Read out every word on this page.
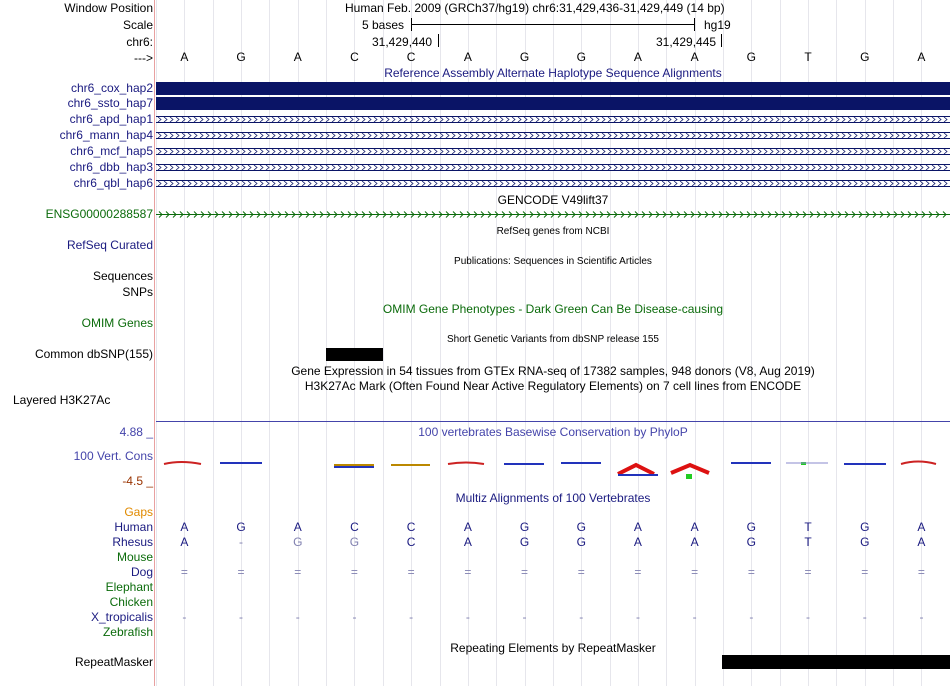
Window Position	Human Feb. 2009 (GRCh37/hg19) chr6:31,429,436-31,429,449 (14 bp)
Scale	5 bases	hg19
chr6:	31,429,440	31,429,445
--->	A	G	A	C	C	A	G	G	A	A	G	T	G	A
Reference Assembly Alternate Haplotype Sequence Alignments
chr6_cox_hap2
chr6_ssto_hap7
chr6_apd_hap1
chr6_mann_hap4
chr6_mcf_hap5
chr6_dbb_hap3
chr6_qbl_hap6
GENCODE V49lift37
ENSG00000288587
RefSeq Curated
RefSeq genes from NCBI
Publications: Sequences in Scientific Articles
Sequences
SNPs
OMIM Gene Phenotypes - Dark Green Can Be Disease-causing
OMIM Genes
Short Genetic Variants from dbSNP release 155
Common dbSNP(155)
Gene Expression in 54 tissues from GTEx RNA-seq of 17382 samples, 948 donors (V8, Aug 2019)
H3K27Ac Mark (Often Found Near Active Regulatory Elements) on 7 cell lines from ENCODE
Layered H3K27Ac
4.88 _	100 vertebrates Basewise Conservation by PhyloP
100 Vert. Cons
-4.5 _
Multiz Alignments of 100 Vertebrates
Gaps
Human	A	G	A	C	C	A	G	G	A	A	G	T	G	A
Rhesus	A	-	G	G	C	A	G	G	A	A	G	T	G	A
Mouse
Dog	=	=	=	=	=	=	=	=	=	=	=	=	=	=
Elephant
Chicken
X_tropicalis	-	-	-	-	-	-	-	-	-	-	-	-	-	-
Zebrafish
Repeating Elements by RepeatMasker
RepeatMasker
